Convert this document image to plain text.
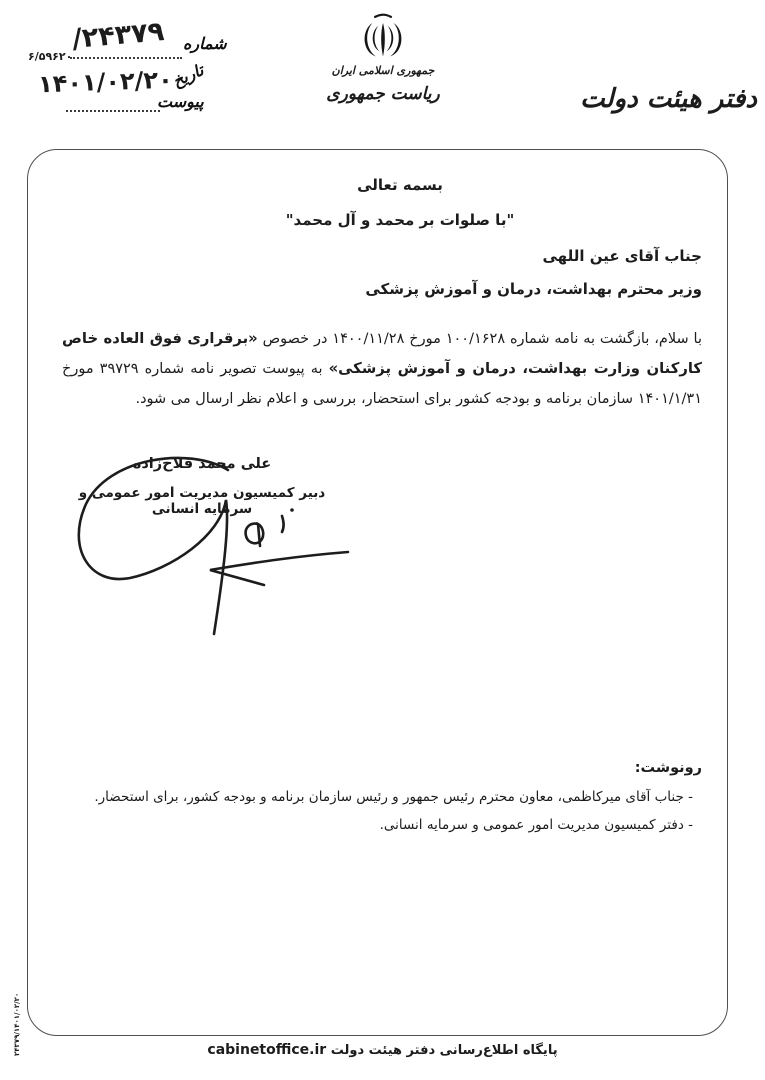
شماره
/۲۴۳۷۹
۶/۵۹۶۲۰
تاریخ
۱۴۰۱/۰۲/۲۰
پیوست
جمهوری اسلامی ایران
ریاست جمهوری	دفتر هیئت دولت
بسمه تعالی
"با صلوات بر محمد و آل محمد"
جناب آقای عین اللهی
وزیر محترم بهداشت، درمان و آموزش پزشکی
با سلام، بازگشت به نامه شماره ۱۰۰/۱۶۲۸ مورخ ۱۴۰۰/۱۱/۲۸ در خصوص «برقراری فوق العاده خاص کارکنان وزارت بهداشت، درمان و آموزش پزشکی» به پیوست تصویر نامه شماره ۳۹۷۲۹ مورخ ۱۴۰۱/۱/۳۱ سازمان برنامه و بودجه کشور برای استحضار، بررسی و اعلام نظر ارسال می شود.
علی محمد فلاح‌زاده
دبیر کمیسیون مدیریت امور عمومی و سرمایه انسانی
رونوشت:
- جناب آقای میرکاظمی، معاون محترم رئیس جمهور و رئیس سازمان برنامه و بودجه کشور، برای استحضار.
- دفتر کمیسیون مدیریت امور عمومی و سرمایه انسانی.
پایگاه اطلاع‌رسانی دفتر هیئت دولت cabinetoffice.ir
۲۴۳۷۹/۱۴۰۱/۰۲/۲۰
